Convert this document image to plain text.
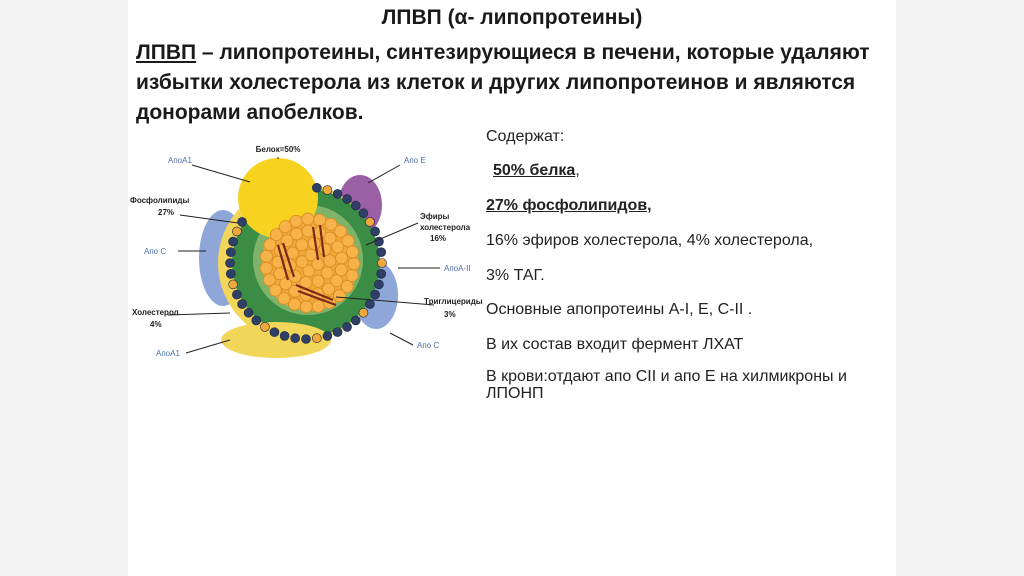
ЛПВП (α- липопротеины)
ЛПВП – липопротеины, синтезирующиеся в печени, которые удаляют избытки холестерола из клеток и других липопротеинов и являются донорами апобелков.
Белок=50%
АпоА1	Апо Е
Фосфолипиды
27%	Эфиры
холестерола
16%
Апо С
АпоА-II
Холестерол
4%
Триглицериды
3%
АпоА1
Апо С
Содержат:
50% белка,
27% фосфолипидов,
16% эфиров холестерола, 4% холестерола,
3% ТАГ.
Основные апопротеины А-I, Е, С-II .
В их состав входит фермент ЛХАТ
В крови:отдают апо СII и апо Е на хилмикроны и ЛПОНП
